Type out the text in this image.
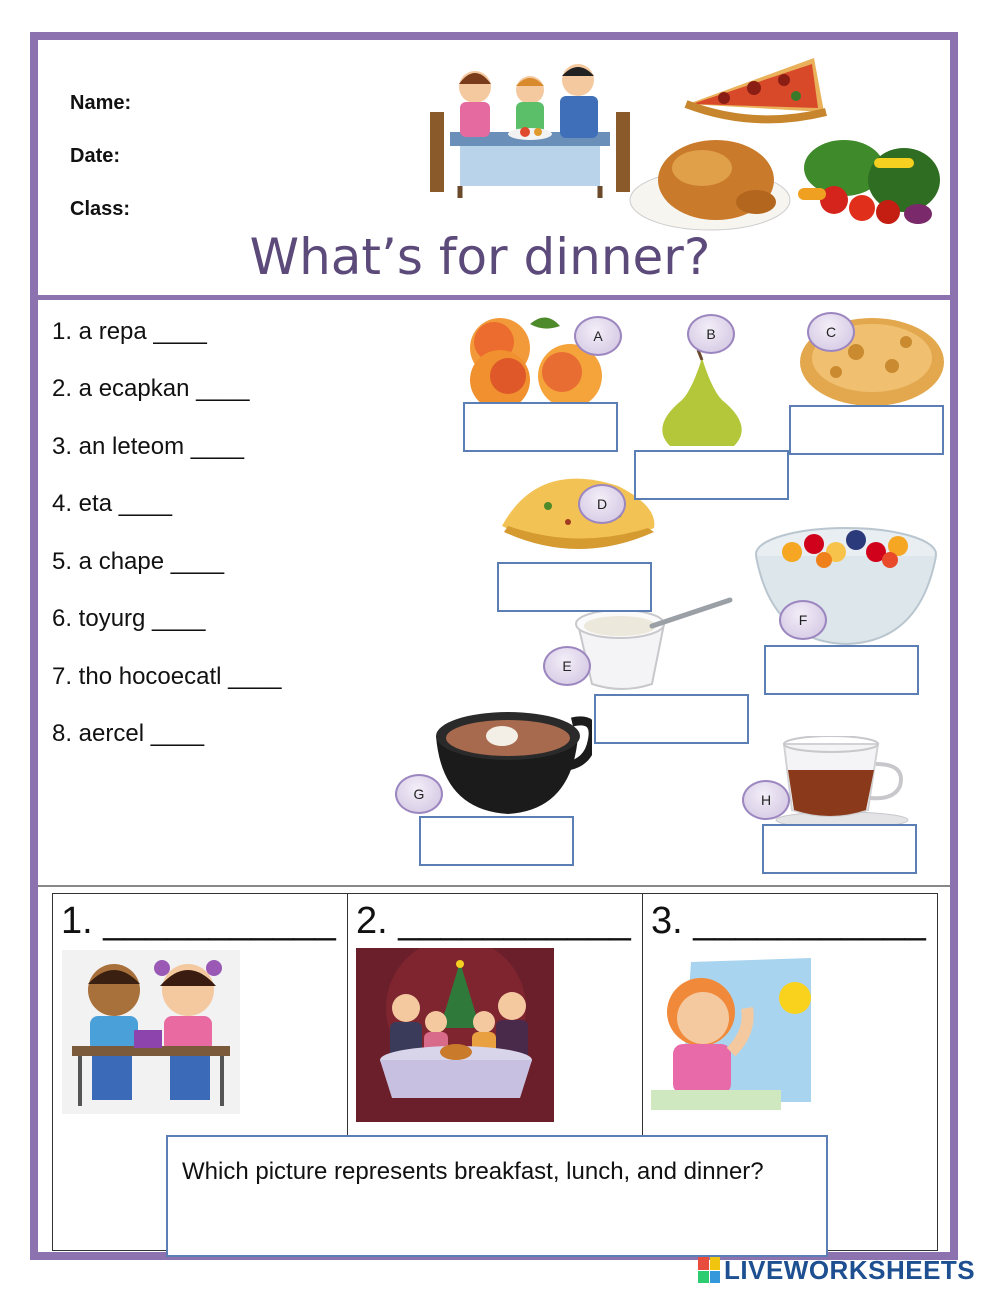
Name:
Date:
Class:
What’s for dinner?
1. a repa ____
2. a ecapkan ____
3. an leteom ____
4. eta ____
5. a chape ____
6. toyurg ____
7. tho hocoecatl ____
8. aercel ____
A	B	C
D
F
E
G	H
1. ___________ 2. ___________ 3. ___________
Which picture represents breakfast, lunch, and dinner?
LIVEWORKSHEETS
